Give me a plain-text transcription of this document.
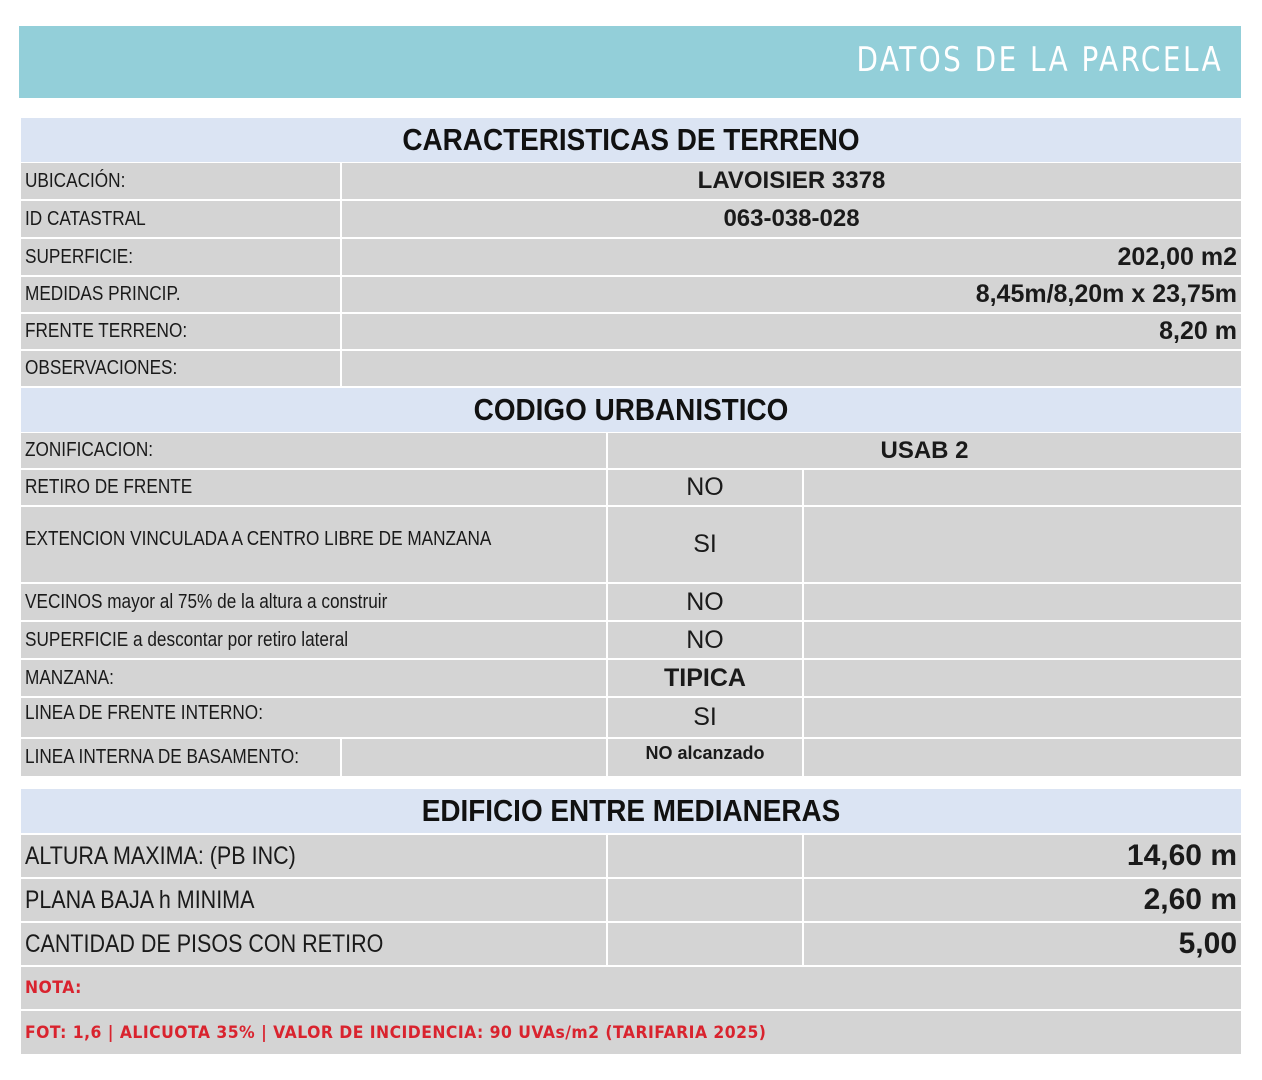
DATOS DE LA PARCELA
CARACTERISTICAS DE TERRENO
UBICACIÓN:	LAVOISIER 3378
ID CATASTRAL	063-038-028
SUPERFICIE:	202,00 m2
MEDIDAS PRINCIP.	8,45m/8,20m x 23,75m
FRENTE TERRENO:	8,20 m
OBSERVACIONES:
CODIGO URBANISTICO
ZONIFICACION:	USAB 2
RETIRO DE FRENTE	NO
EXTENCION VINCULADA A CENTRO LIBRE DE MANZANA	SI
VECINOS mayor al 75% de la altura a construir	NO
SUPERFICIE a descontar por retiro lateral	NO
MANZANA:	TIPICA
LINEA DE FRENTE INTERNO:	SI
LINEA INTERNA DE BASAMENTO:	NO alcanzado
EDIFICIO ENTRE MEDIANERAS
ALTURA MAXIMA: (PB INC)	14,60 m
PLANA BAJA h MINIMA	2,60 m
CANTIDAD DE PISOS CON RETIRO	5,00
NOTA:
FOT: 1,6 | ALICUOTA 35% | VALOR DE INCIDENCIA: 90 UVAs/m2 (TARIFARIA 2025)
